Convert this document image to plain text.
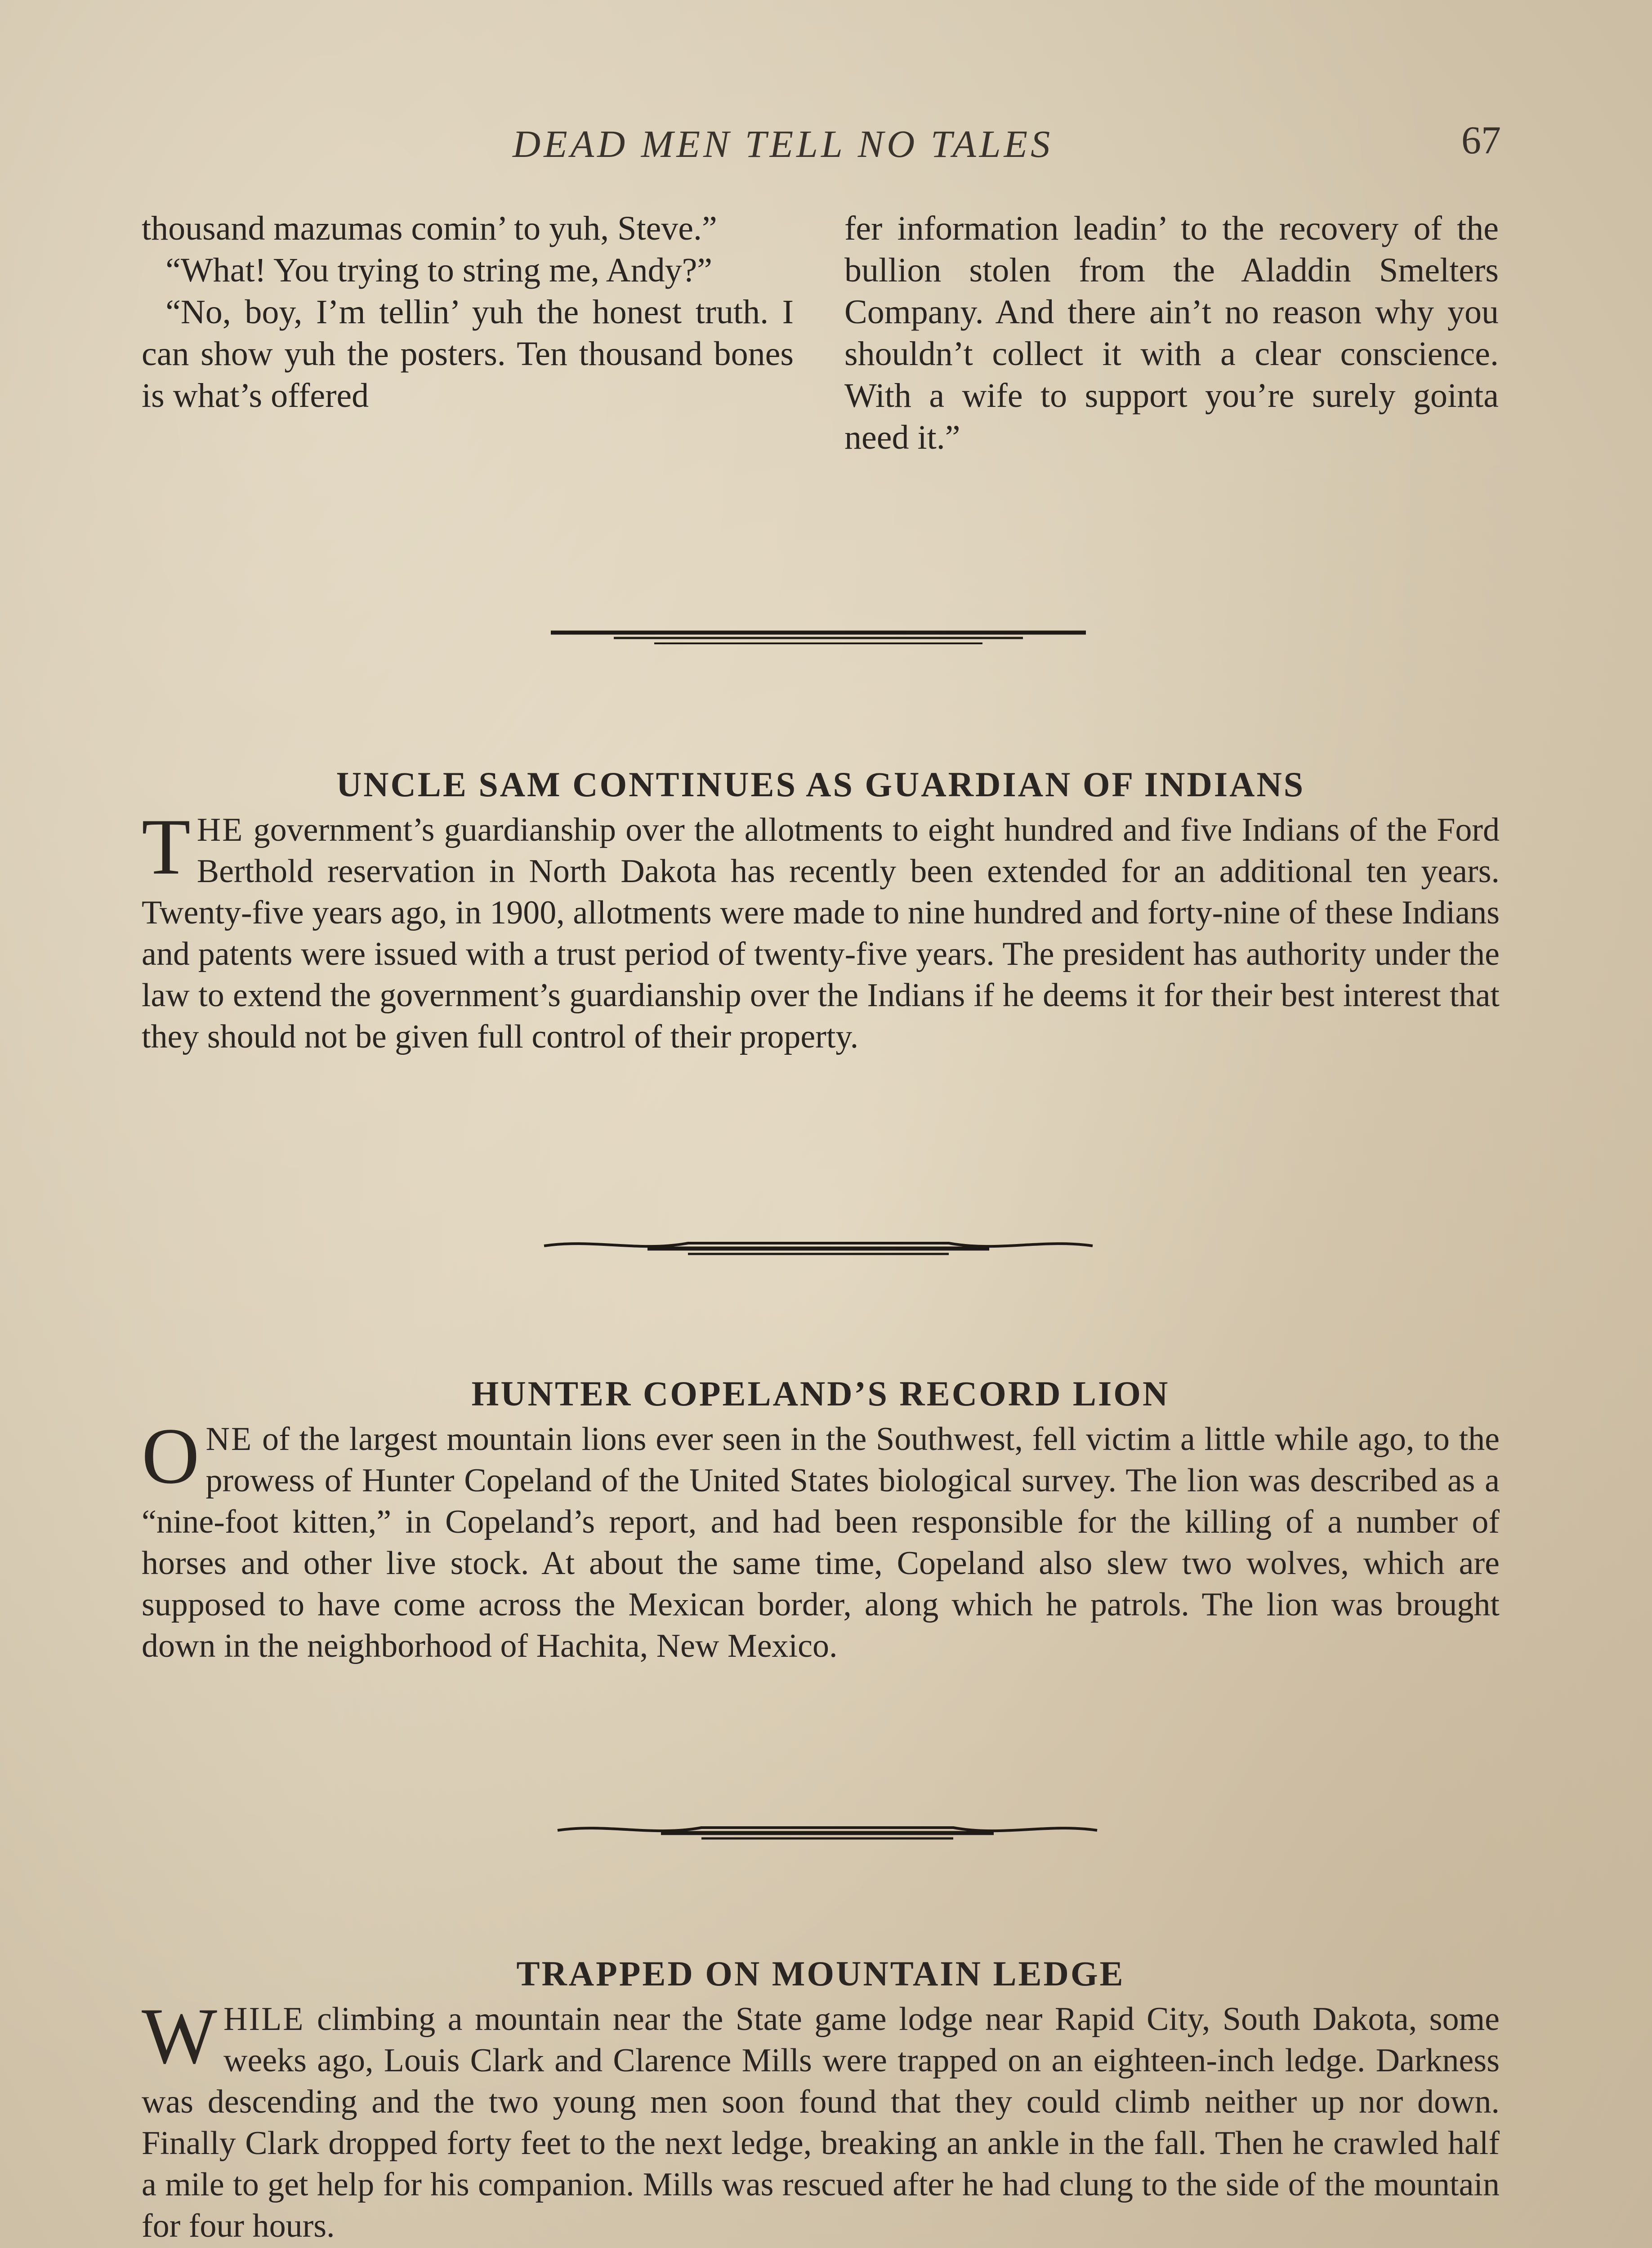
DEAD MEN TELL NO TALES	67

thousand mazumas comin’ to yuh, Steve.”

“What! You trying to string me, Andy?”

“No, boy, I’m tellin’ yuh the honest truth. I can show yuh the posters. Ten thousand bones is what’s offered

fer information leadin’ to the recovery of the bullion stolen from the Aladdin Smelters Company. And there ain’t no reason why you shouldn’t collect it with a clear conscience. With a wife to support you’re surely gointa need it.”

UNCLE SAM CONTINUES AS GUARDIAN OF INDIANS

THE government’s guardianship over the allotments to eight hundred and five Indians of the Ford Berthold reservation in North Dakota has recently been extended for an additional ten years. Twenty-five years ago, in 1900, allotments were made to nine hundred and forty-nine of these Indians and patents were issued with a trust period of twenty-five years. The president has authority under the law to extend the government’s guardianship over the Indians if he deems it for their best interest that they should not be given full control of their property.

HUNTER COPELAND’S RECORD LION

ONE of the largest mountain lions ever seen in the Southwest, fell victim a little while ago, to the prowess of Hunter Copeland of the United States biological survey. The lion was described as a “nine-foot kitten,” in Copeland’s report, and had been responsible for the killing of a number of horses and other live stock. At about the same time, Copeland also slew two wolves, which are supposed to have come across the Mexican border, along which he patrols. The lion was brought down in the neighborhood of Hachita, New Mexico.

TRAPPED ON MOUNTAIN LEDGE

WHILE climbing a mountain near the State game lodge near Rapid City, South Dakota, some weeks ago, Louis Clark and Clarence Mills were trapped on an eighteen-inch ledge. Darkness was descending and the two young men soon found that they could climb neither up nor down. Finally Clark dropped forty feet to the next ledge, breaking an ankle in the fall. Then he crawled half a mile to get help for his companion. Mills was rescued after he had clung to the side of the mountain for four hours.
